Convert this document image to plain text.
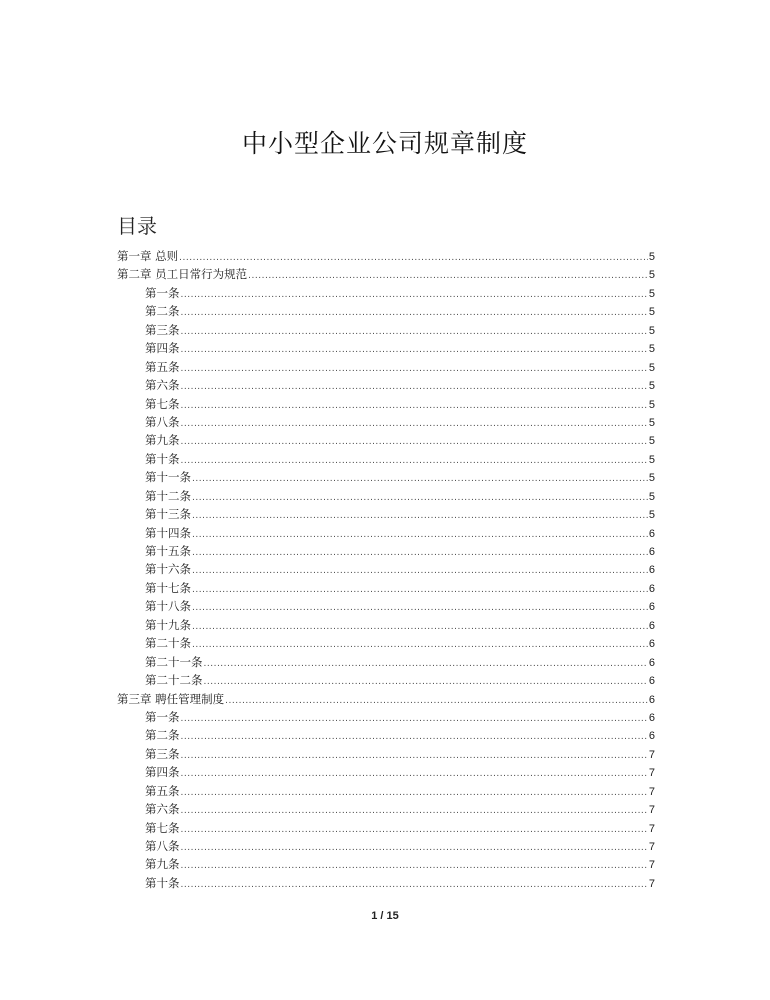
中小型企业公司规章制度
目录
第一章 总则 .....	5
第二章 员工日常行为规范 .....	5
第一条 .....	5
第二条 .....	5
第三条 .....	5
第四条 .....	5
第五条 .....	5
第六条 .....	5
第七条 .....	5
第八条 .....	5
第九条 .....	5
第十条 .....	5
第十一条 .....	5
第十二条 .....	5
第十三条 .....	5
第十四条 .....	6
第十五条 .....	6
第十六条 .....	6
第十七条 .....	6
第十八条 .....	6
第十九条 .....	6
第二十条 .....	6
第二十一条 .....	6
第二十二条 .....	6
第三章 聘任管理制度 .....	6
第一条 .....	6
第二条 .....	6
第三条 .....	7
第四条 .....	7
第五条 .....	7
第六条 .....	7
第七条 .....	7
第八条 .....	7
第九条 .....	7
第十条 .....	7
1 / 15
